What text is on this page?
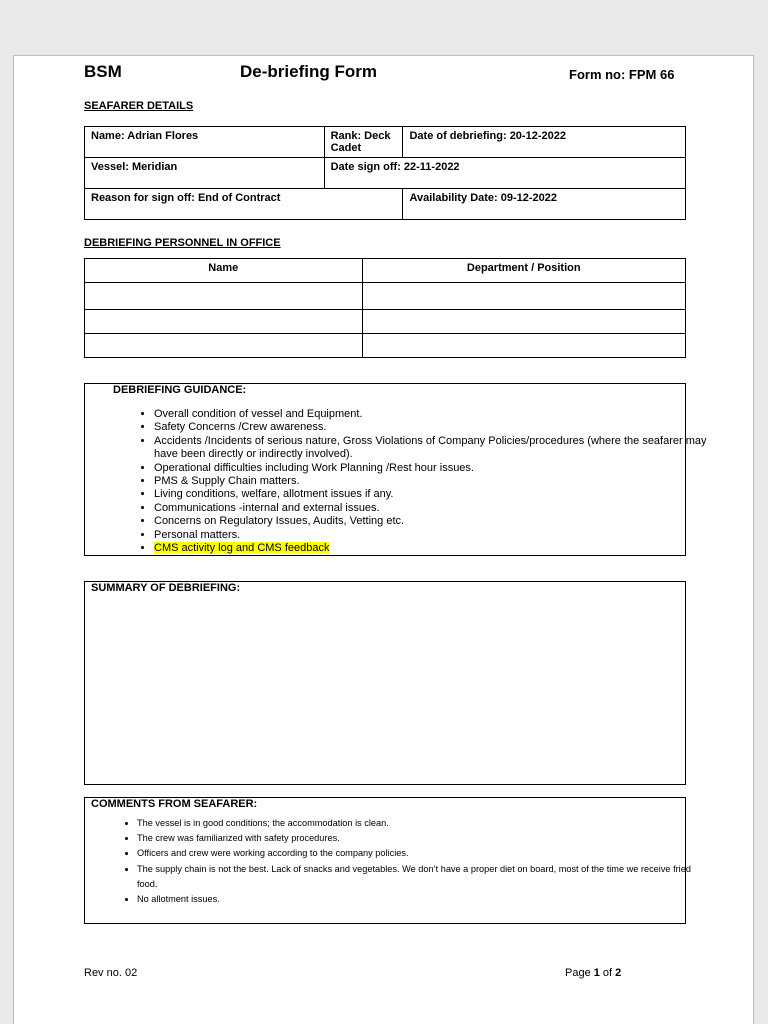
BSM	De-briefing Form	Form no: FPM 66
SEAFARER DETAILS
Name: Adrian Flores	Rank: Deck Cadet	Date of debriefing: 20-12-2022
Vessel: Meridian	Date sign off: 22-11-2022	
Reason for sign off: End of Contract		Availability Date: 09-12-2022
DEBRIEFING PERSONNEL IN OFFICE
Name	Department / Position

DEBRIEFING GUIDANCE:
• Overall condition of vessel and Equipment.
• Safety Concerns /Crew awareness.
• Accidents /Incidents of serious nature, Gross Violations of Company Policies/procedures (where the seafarer may have been directly or indirectly involved).
• Operational difficulties including Work Planning /Rest hour issues.
• PMS & Supply Chain matters.
• Living conditions, welfare, allotment issues if any.
• Communications -internal and external issues.
• Concerns on Regulatory Issues, Audits, Vetting etc.
• Personal matters.
• CMS activity log and CMS feedback
SUMMARY OF DEBRIEFING:
COMMENTS FROM SEAFARER:
• The vessel is in good conditions; the accommodation is clean.
• The crew was familiarized with safety procedures.
• Officers and crew were working according to the company policies.
• The supply chain is not the best. Lack of snacks and vegetables. We don’t have a proper diet on board, most of the time we receive fried food.
• No allotment issues.
Rev no. 02	Page 1 of 2
